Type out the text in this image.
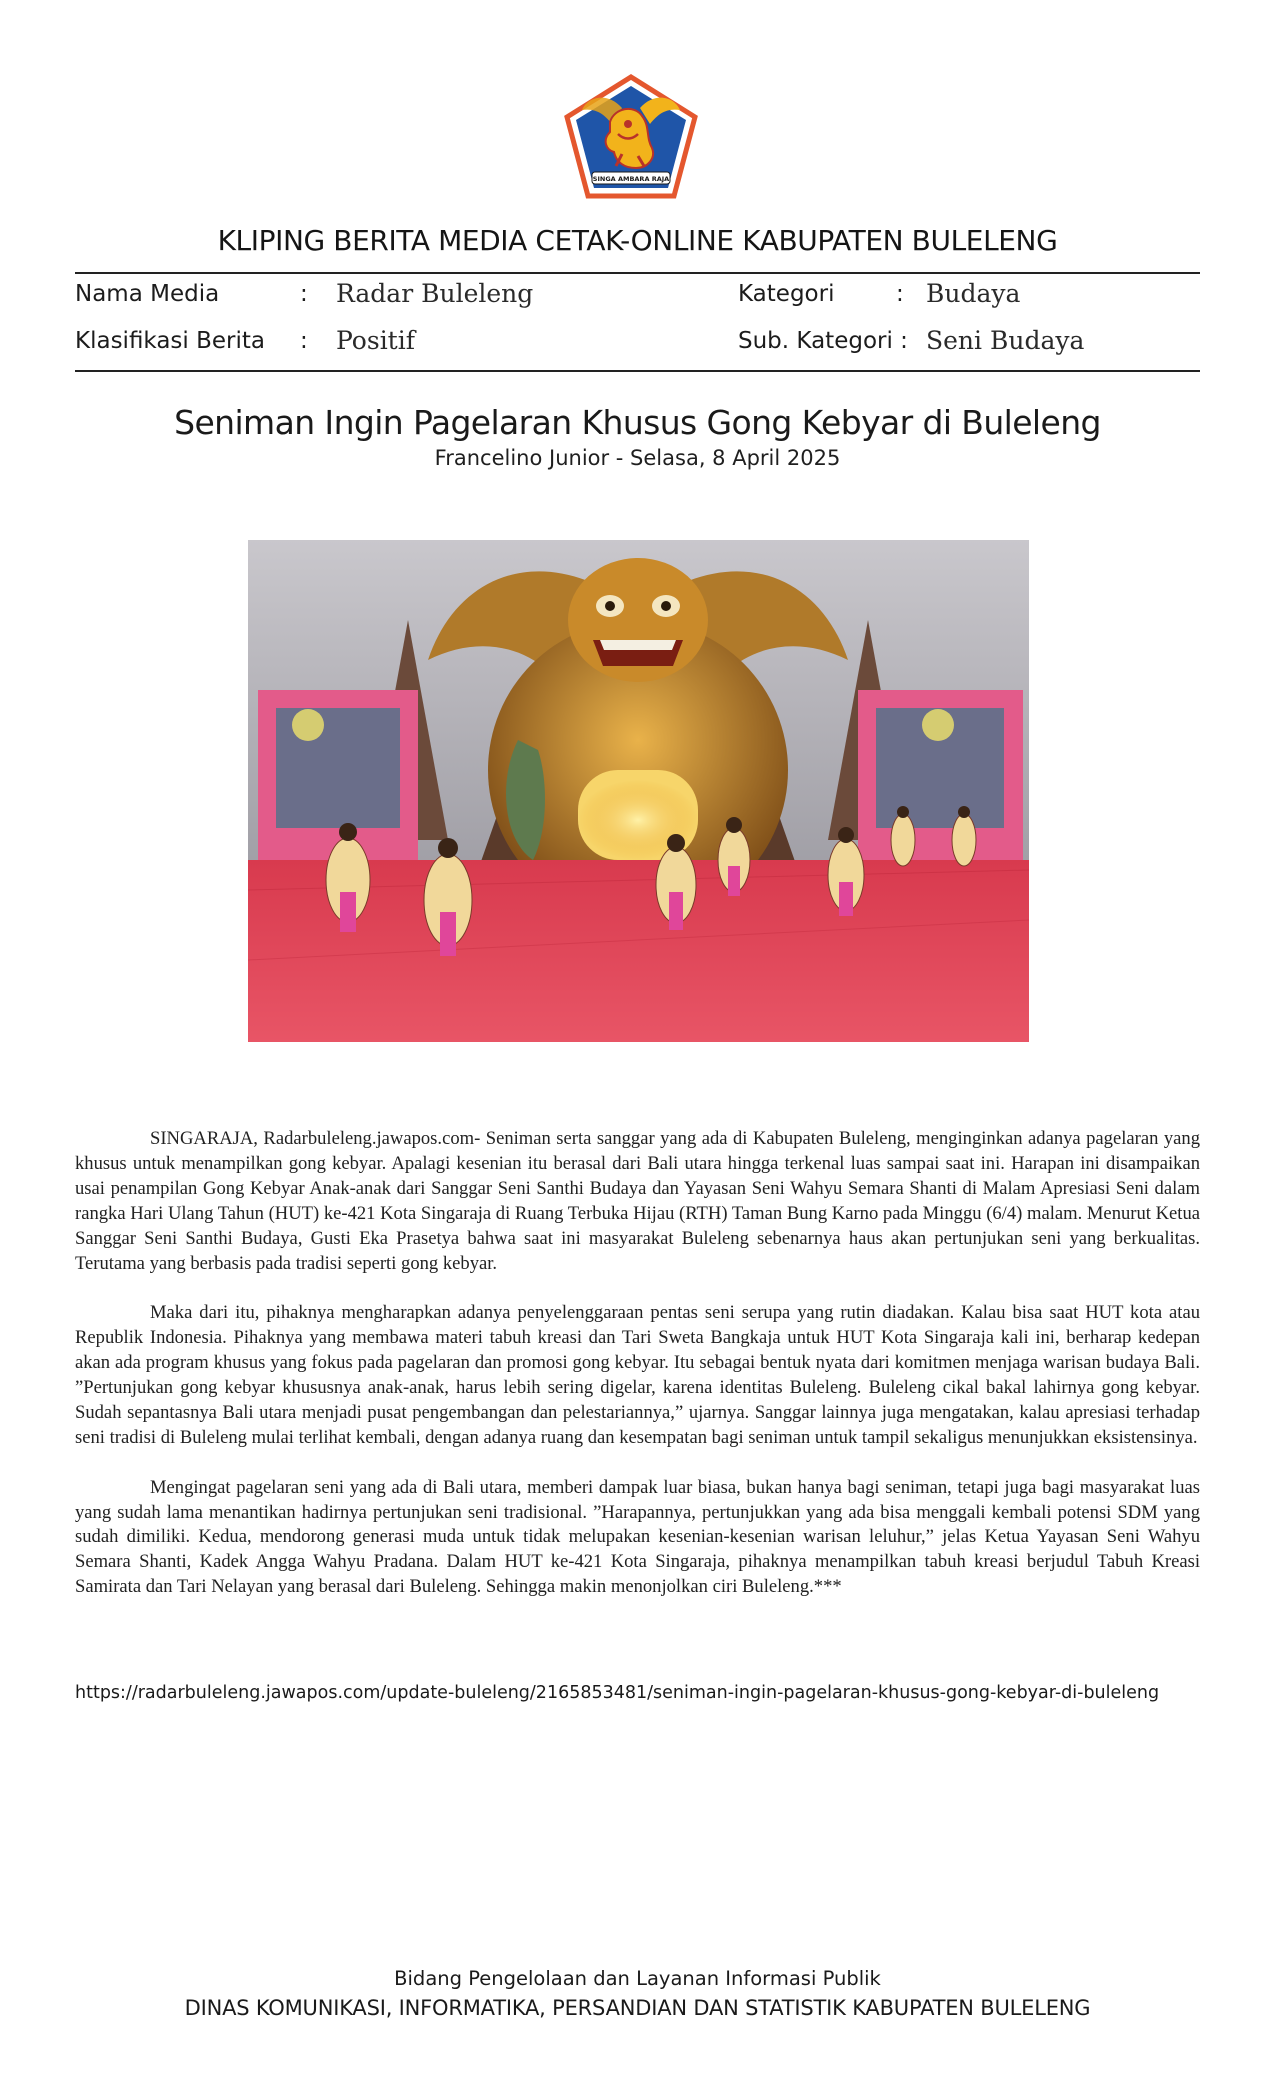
SINGA AMBARA RAJA
KLIPING BERITA MEDIA CETAK-ONLINE KABUPATEN BULELENG
Nama Media	: Radar Buleleng	Kategori	: Budaya
Klasifikasi Berita : Positif	Sub. Kategori : Seni Budaya
Seniman Ingin Pagelaran Khusus Gong Kebyar di Buleleng
Francelino Junior - Selasa, 8 April 2025

SINGARAJA, Radarbuleleng.jawapos.com- Seniman serta sanggar yang ada di Kabupaten Buleleng, menginginkan adanya pagelaran yang khusus untuk menampilkan gong kebyar. Apalagi kesenian itu berasal dari Bali utara hingga terkenal luas sampai saat ini. Harapan ini disampaikan usai penampilan Gong Kebyar Anak-anak dari Sanggar Seni Santhi Budaya dan Yayasan Seni Wahyu Semara Shanti di Malam Apresiasi Seni dalam rangka Hari Ulang Tahun (HUT) ke-421 Kota Singaraja di Ruang Terbuka Hijau (RTH) Taman Bung Karno pada Minggu (6/4) malam. Menurut Ketua Sanggar Seni Santhi Budaya, Gusti Eka Prasetya bahwa saat ini masyarakat Buleleng sebenarnya haus akan pertunjukan seni yang berkualitas. Terutama yang berbasis pada tradisi seperti gong kebyar.

Maka dari itu, pihaknya mengharapkan adanya penyelenggaraan pentas seni serupa yang rutin diadakan. Kalau bisa saat HUT kota atau Republik Indonesia. Pihaknya yang membawa materi tabuh kreasi dan Tari Sweta Bangkaja untuk HUT Kota Singaraja kali ini, berharap kedepan akan ada program khusus yang fokus pada pagelaran dan promosi gong kebyar. Itu sebagai bentuk nyata dari komitmen menjaga warisan budaya Bali. ”Pertunjukan gong kebyar khususnya anak-anak, harus lebih sering digelar, karena identitas Buleleng. Buleleng cikal bakal lahirnya gong kebyar. Sudah sepantasnya Bali utara menjadi pusat pengembangan dan pelestariannya,” ujarnya. Sanggar lainnya juga mengatakan, kalau apresiasi terhadap seni tradisi di Buleleng mulai terlihat kembali, dengan adanya ruang dan kesempatan bagi seniman untuk tampil sekaligus menunjukkan eksistensinya.

Mengingat pagelaran seni yang ada di Bali utara, memberi dampak luar biasa, bukan hanya bagi seniman, tetapi juga bagi masyarakat luas yang sudah lama menantikan hadirnya pertunjukan seni tradisional. ”Harapannya, pertunjukkan yang ada bisa menggali kembali potensi SDM yang sudah dimiliki. Kedua, mendorong generasi muda untuk tidak melupakan kesenian-kesenian warisan leluhur,” jelas Ketua Yayasan Seni Wahyu Semara Shanti, Kadek Angga Wahyu Pradana. Dalam HUT ke-421 Kota Singaraja, pihaknya menampilkan tabuh kreasi berjudul Tabuh Kreasi Samirata dan Tari Nelayan yang berasal dari Buleleng. Sehingga makin menonjolkan ciri Buleleng.***

https://radarbuleleng.jawapos.com/update-buleleng/2165853481/seniman-ingin-pagelaran-khusus-gong-kebyar-di-buleleng
Bidang Pengelolaan dan Layanan Informasi Publik
DINAS KOMUNIKASI, INFORMATIKA, PERSANDIAN DAN STATISTIK KABUPATEN BULELENG
